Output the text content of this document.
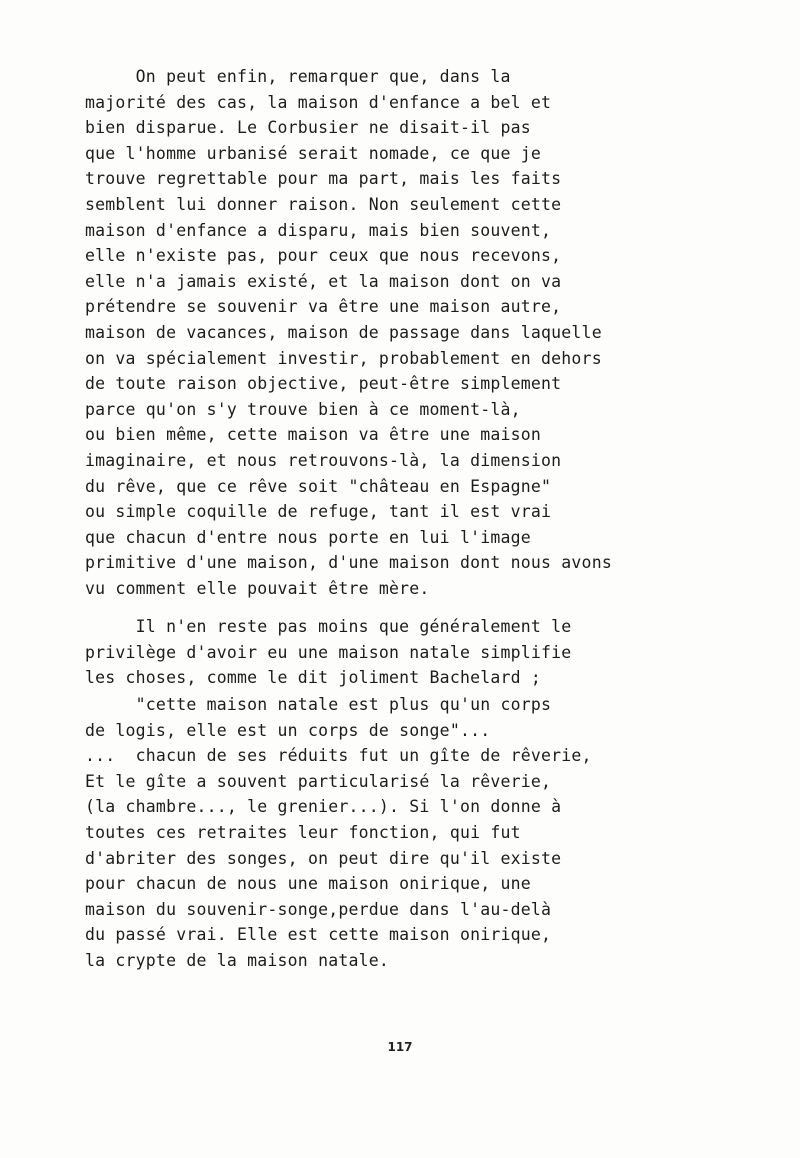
On peut enfin, remarquer que, dans la
majorité des cas, la maison d'enfance a bel et
bien disparue. Le Corbusier ne disait-il pas
que l'homme urbanisé serait nomade, ce que je
trouve regrettable pour ma part, mais les faits
semblent lui donner raison. Non seulement cette
maison d'enfance a disparu, mais bien souvent,
elle n'existe pas, pour ceux que nous recevons,
elle n'a jamais existé, et la maison dont on va
prétendre se souvenir va être une maison autre,
maison de vacances, maison de passage dans laquelle
on va spécialement investir, probablement en dehors
de toute raison objective, peut-être simplement
parce qu'on s'y trouve bien à ce moment-là,
ou bien même, cette maison va être une maison
imaginaire, et nous retrouvons-là, la dimension
du rêve, que ce rêve soit "château en Espagne"
ou simple coquille de refuge, tant il est vrai
que chacun d'entre nous porte en lui l'image
primitive d'une maison, d'une maison dont nous avons
vu comment elle pouvait être mère.
Il n'en reste pas moins que généralement le
privilège d'avoir eu une maison natale simplifie
les choses, comme le dit joliment Bachelard ;
"cette maison natale est plus qu'un corps
de logis, elle est un corps de songe"...
...  chacun de ses réduits fut un gîte de rêverie,
Et le gîte a souvent particularisé la rêverie,
(la chambre..., le grenier...). Si l'on donne à
toutes ces retraites leur fonction, qui fut
d'abriter des songes, on peut dire qu'il existe
pour chacun de nous une maison onirique, une
maison du souvenir-songe,perdue dans l'au-delà
du passé vrai. Elle est cette maison onirique,
la crypte de la maison natale.
117
